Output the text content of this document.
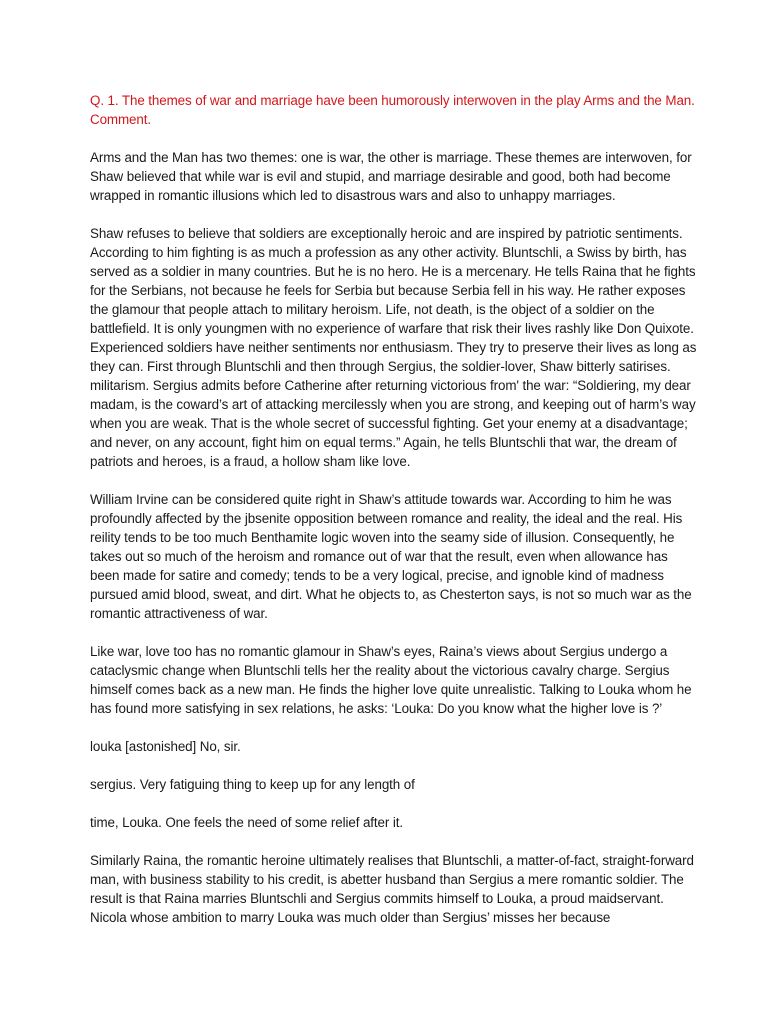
Q. 1. The themes of war and marriage have been humorously interwoven in the play Arms and the Man. Comment.

Arms and the Man has two themes: one is war, the other is marriage. These themes are interwoven, for Shaw believed that while war is evil and stupid, and marriage desirable and good, both had become wrapped in romantic illusions which led to disastrous wars and also to unhappy marriages.

Shaw refuses to believe that soldiers are exceptionally heroic and are inspired by patriotic sentiments. According to him fighting is as much a profession as any other activity. Bluntschli, a Swiss by birth, has served as a soldier in many countries. But he is no hero. He is a mercenary. He tells Raina that he fights for the Serbians, not because he feels for Serbia but because Serbia fell in his way. He rather exposes the glamour that people attach to military heroism. Life, not death, is the object of a soldier on the battlefield. It is only youngmen with no experience of warfare that risk their lives rashly like Don Quixote. Experienced soldiers have neither sentiments nor enthusiasm. They try to preserve their lives as long as they can. First through Bluntschli and then through Sergius, the soldier-lover, Shaw bitterly satirises. militarism. Sergius admits before Catherine after returning victorious from' the war: “Soldiering, my dear madam, is the coward’s art of attacking mercilessly when you are strong, and keeping out of harm’s way when you are weak. That is the whole secret of successful fighting. Get your enemy at a disadvantage; and never, on any account, fight him on equal terms.” Again, he tells Bluntschli that war, the dream of patriots and heroes, is a fraud, a hollow sham like love.

William Irvine can be considered quite right in Shaw’s attitude towards war. According to him he was profoundly affected by the jbsenite opposition between romance and reality, the ideal and the real. His reility tends to be too much Benthamite logic woven into the seamy side of illusion. Consequently, he takes out so much of the heroism and romance out of war that the result, even when allowance has been made for satire and comedy; tends to be a very logical, precise, and ignoble kind of madness pursued amid blood, sweat, and dirt. What he objects to, as Chesterton says, is not so much war as the romantic attractiveness of war.

Like war, love too has no romantic glamour in Shaw’s eyes, Raina’s views about Sergius undergo a cataclysmic change when Bluntschli tells her the reality about the victorious cavalry charge. Sergius himself comes back as a new man. He finds the higher love quite unrealistic. Talking to Louka whom he has found more satisfying in sex relations, he asks: ‘Louka: Do you know what the higher love is ?’

louka [astonished] No, sir.

sergius. Very fatiguing thing to keep up for any length of

time, Louka. One feels the need of some relief after it.

Similarly Raina, the romantic heroine ultimately realises that Bluntschli, a matter-of-fact, straight-forward man, with business stability to his credit, is abetter husband than Sergius a mere romantic soldier. The result is that Raina marries Bluntschli and Sergius commits himself to Louka, a proud maidservant. Nicola whose ambition to marry Louka was much older than Sergius’ misses her because
